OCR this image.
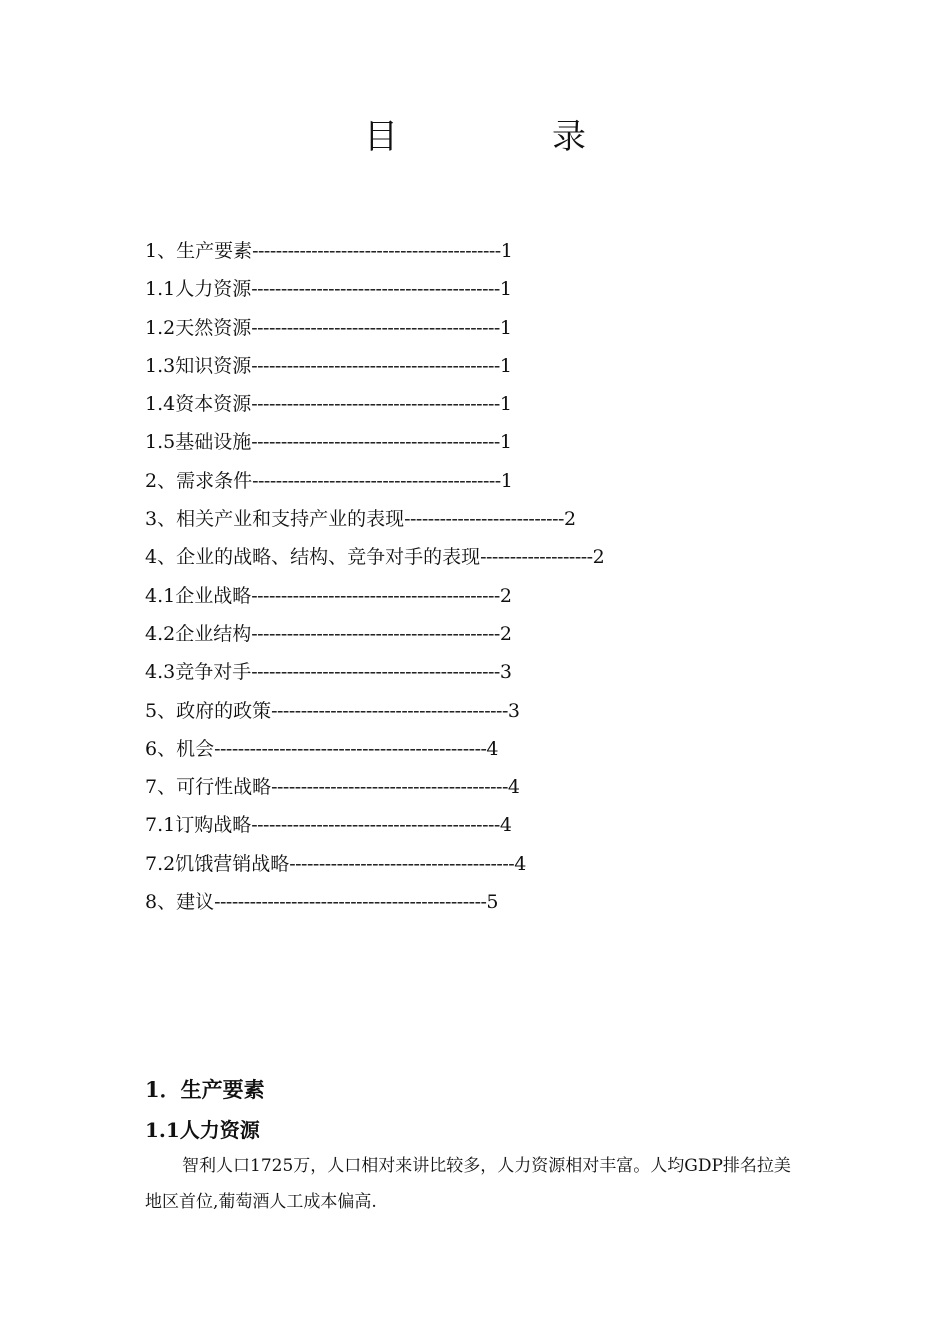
目　录
1、生产要素------------------------------------------1
1.1人力资源------------------------------------------1
1.2天然资源------------------------------------------1
1.3知识资源------------------------------------------1
1.4资本资源------------------------------------------1
1.5基础设施------------------------------------------1
2、需求条件------------------------------------------1
3、相关产业和支持产业的表现---------------------------2
4、企业的战略、结构、竞争对手的表现-------------------2
4.1企业战略------------------------------------------2
4.2企业结构------------------------------------------2
4.3竞争对手------------------------------------------3
5、政府的政策----------------------------------------3
6、机会----------------------------------------------4
7、可行性战略----------------------------------------4
7.1订购战略------------------------------------------4
7.2饥饿营销战略--------------------------------------4
8、建议----------------------------------------------5
1．生产要素
1.1人力资源

智利人口1725万，人口相对来讲比较多，人力资源相对丰富。人均GDP排名拉美地区首位,葡萄酒人工成本偏高.
